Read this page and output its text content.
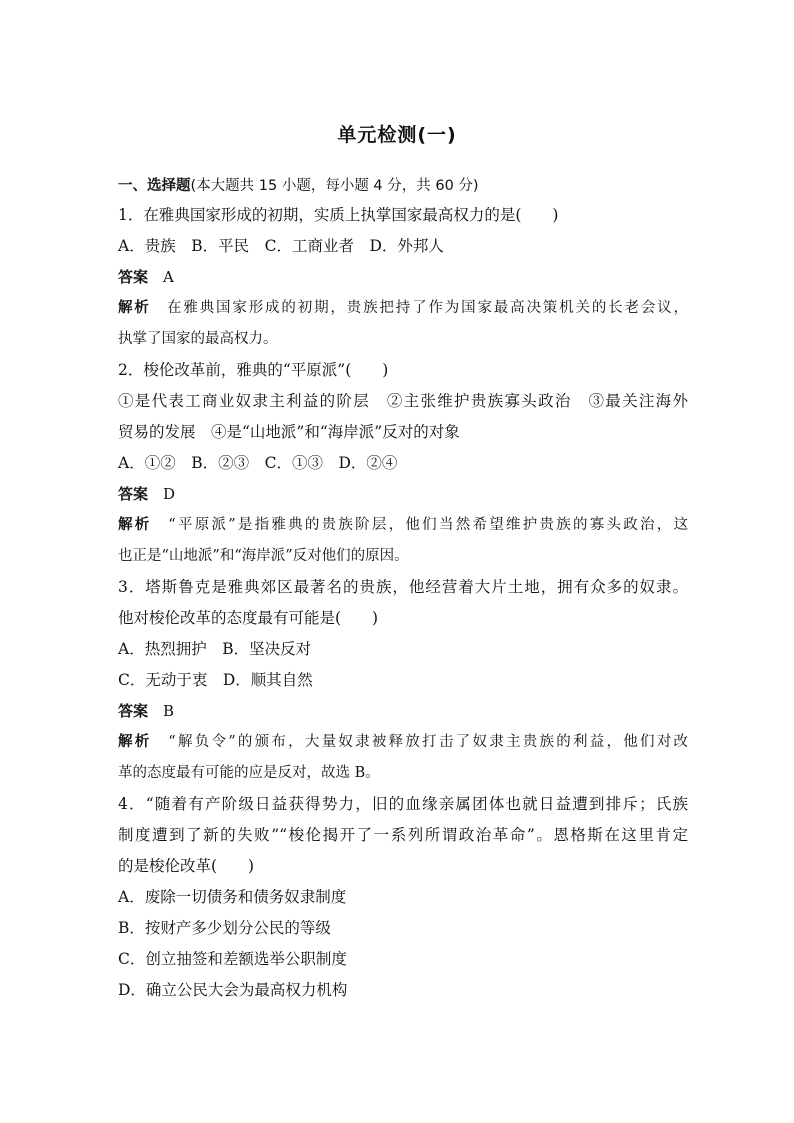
单元检测(一)
一、选择题(本大题共 15 小题，每小题 4 分，共 60 分)
1．在雅典国家形成的初期，实质上执掌国家最高权力的是(　　)
A．贵族　B．平民　C．工商业者　D．外邦人
答案　 A
解析　 在雅典国家形成的初期，贵族把持了作为国家最高决策机关的长老会议，
执掌了国家的最高权力。
2．梭伦改革前，雅典的“平原派”(　　)
①是代表工商业奴隶主利益的阶层　②主张维护贵族寡头政治　③最关注海外
贸易的发展　④是“山地派”和“海岸派”反对的对象
A．①②　B．②③　C．①③　D．②④
答案　 D
解析　 “平原派”是指雅典的贵族阶层，他们当然希望维护贵族的寡头政治，这
也正是“山地派”和“海岸派”反对他们的原因。
3．塔斯鲁克是雅典郊区最著名的贵族，他经营着大片土地，拥有众多的奴隶。
他对梭伦改革的态度最有可能是(　　)
A．热烈拥护　B．坚决反对
C．无动于衷　D．顺其自然
答案　 B
解析　 “解负令”的颁布，大量奴隶被释放打击了奴隶主贵族的利益，他们对改
革的态度最有可能的应是反对，故选 B。
4．“随着有产阶级日益获得势力，旧的血缘亲属团体也就日益遭到排斥；氏族
制度遭到了新的失败”“梭伦揭开了一系列所谓政治革命”。恩格斯在这里肯定
的是梭伦改革(　　)
A．废除一切债务和债务奴隶制度
B．按财产多少划分公民的等级
C．创立抽签和差额选举公职制度
D．确立公民大会为最高权力机构
